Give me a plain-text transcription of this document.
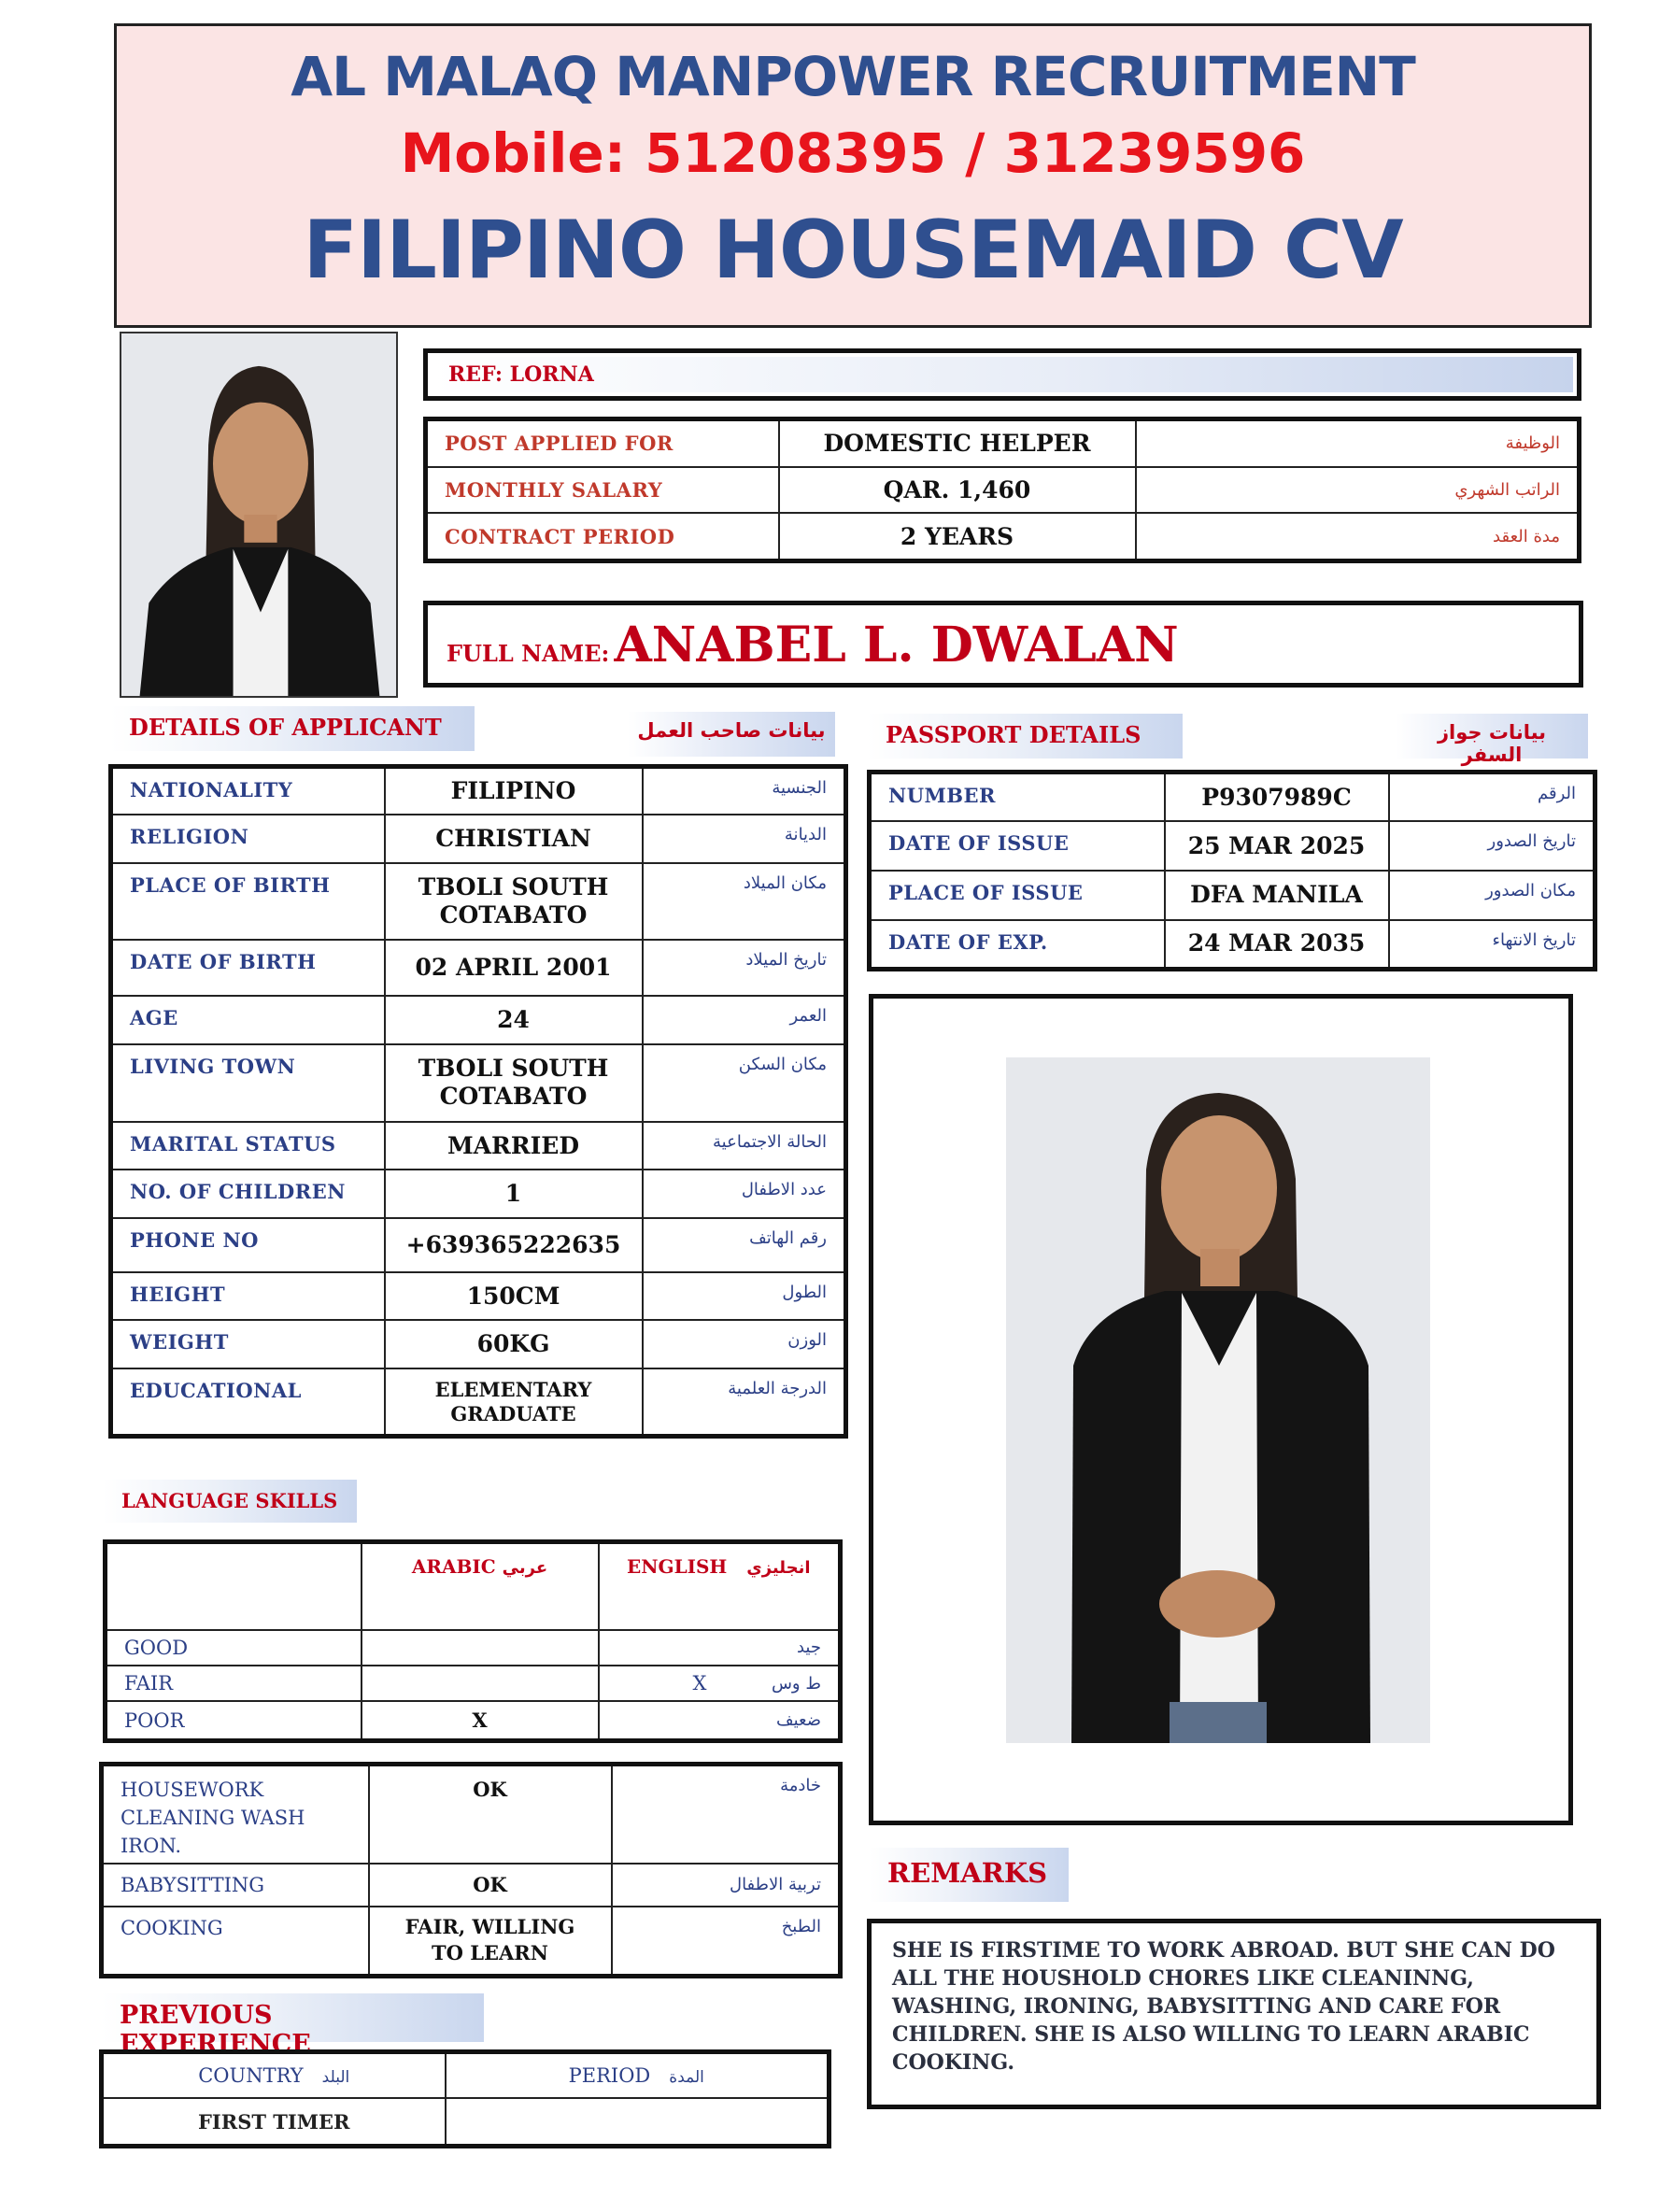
AL MALAQ MANPOWER RECRUITMENT
Mobile: 51208395 / 31239596
FILIPINO HOUSEMAID CV
REF: LORNA
POST APPLIED FOR	DOMESTIC HELPER	الوظيفة
MONTHLY SALARY	QAR. 1,460	الراتب الشهري
CONTRACT PERIOD	2 YEARS	مدة العقد
FULL NAME: ANABEL L. DWALAN
DETAILS OF APPLICANT	بيانات صاحب العمل
NATIONALITY	FILIPINO	الجنسية
RELIGION	CHRISTIAN	الديانة
PLACE OF BIRTH	TBOLI SOUTH COTABATO	مكان الميلاد
DATE OF BIRTH	02 APRIL 2001	تاريخ الميلاد
AGE	24	العمر
LIVING TOWN	TBOLI SOUTH COTABATO	مكان السكن
MARITAL STATUS	MARRIED	الحالة الاجتماعية
NO. OF CHILDREN	1	عدد الاطفال
PHONE NO	+639365222635	رقم الهاتف
HEIGHT	150CM	الطول
WEIGHT	60KG	الوزن
EDUCATIONAL	ELEMENTARY GRADUATE	الدرجة العلمية
PASSPORT DETAILS	بيانات جواز السفر
NUMBER	P9307989C	الرقم
DATE OF ISSUE	25 MAR 2025	تاريخ الصدور
PLACE OF ISSUE	DFA MANILA	مكان الصدور
DATE OF EXP.	24 MAR 2035	تاريخ الانتهاء
LANGUAGE SKILLS
	ARABIC عربي	ENGLISH انجليزي
GOOD		جيد

FAIR		X ط وس

POOR	X	ضعيف
HOUSEWORK CLEANING WASH IRON.	OK	خادمة
BABYSITTING	OK	تربية الاطفال
COOKING	FAIR, WILLING TO LEARN	الطبخ
PREVIOUS EXPERIENCE
COUNTRY البلد	PERIOD المدة
FIRST TIMER	
REMARKS
SHE IS FIRSTIME TO WORK ABROAD. BUT SHE CAN DO ALL THE HOUSHOLD CHORES LIKE CLEANINNG, WASHING, IRONING, BABYSITTING AND CARE FOR CHILDREN. SHE IS ALSO WILLING TO LEARN ARABIC COOKING.
